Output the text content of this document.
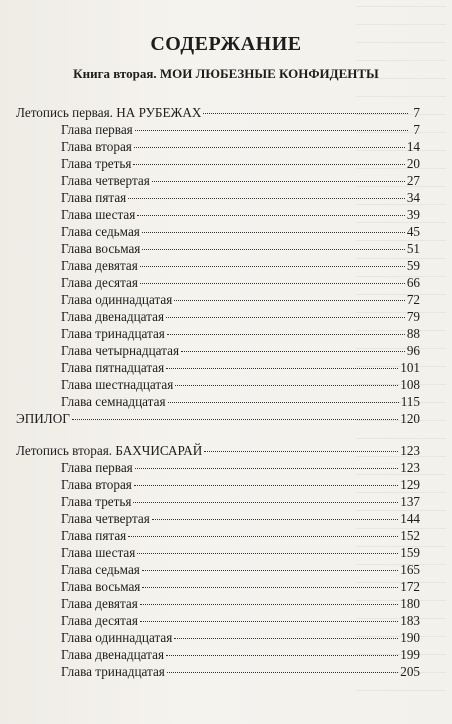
СОДЕРЖАНИЕ
Книга вторая. МОИ ЛЮБЕЗНЫЕ КОНФИДЕНТЫ
Летопись первая. НА РУБЕЖАХ	7
Глава первая	7
Глава вторая	14
Глава третья	20
Глава четвертая	27
Глава пятая	34
Глава шестая	39
Глава седьмая	45
Глава восьмая	51
Глава девятая	59
Глава десятая	66
Глава одиннадцатая	72
Глава двенадцатая	79
Глава тринадцатая	88
Глава четырнадцатая	96
Глава пятнадцатая	101
Глава шестнадцатая	108
Глава семнадцатая	115
ЭПИЛОГ	120
Летопись вторая. БАХЧИСАРАЙ	123
Глава первая	123
Глава вторая	129
Глава третья	137
Глава четвертая	144
Глава пятая	152
Глава шестая	159
Глава седьмая	165
Глава восьмая	172
Глава девятая	180
Глава десятая	183
Глава одиннадцатая	190
Глава двенадцатая	199
Глава тринадцатая	205
